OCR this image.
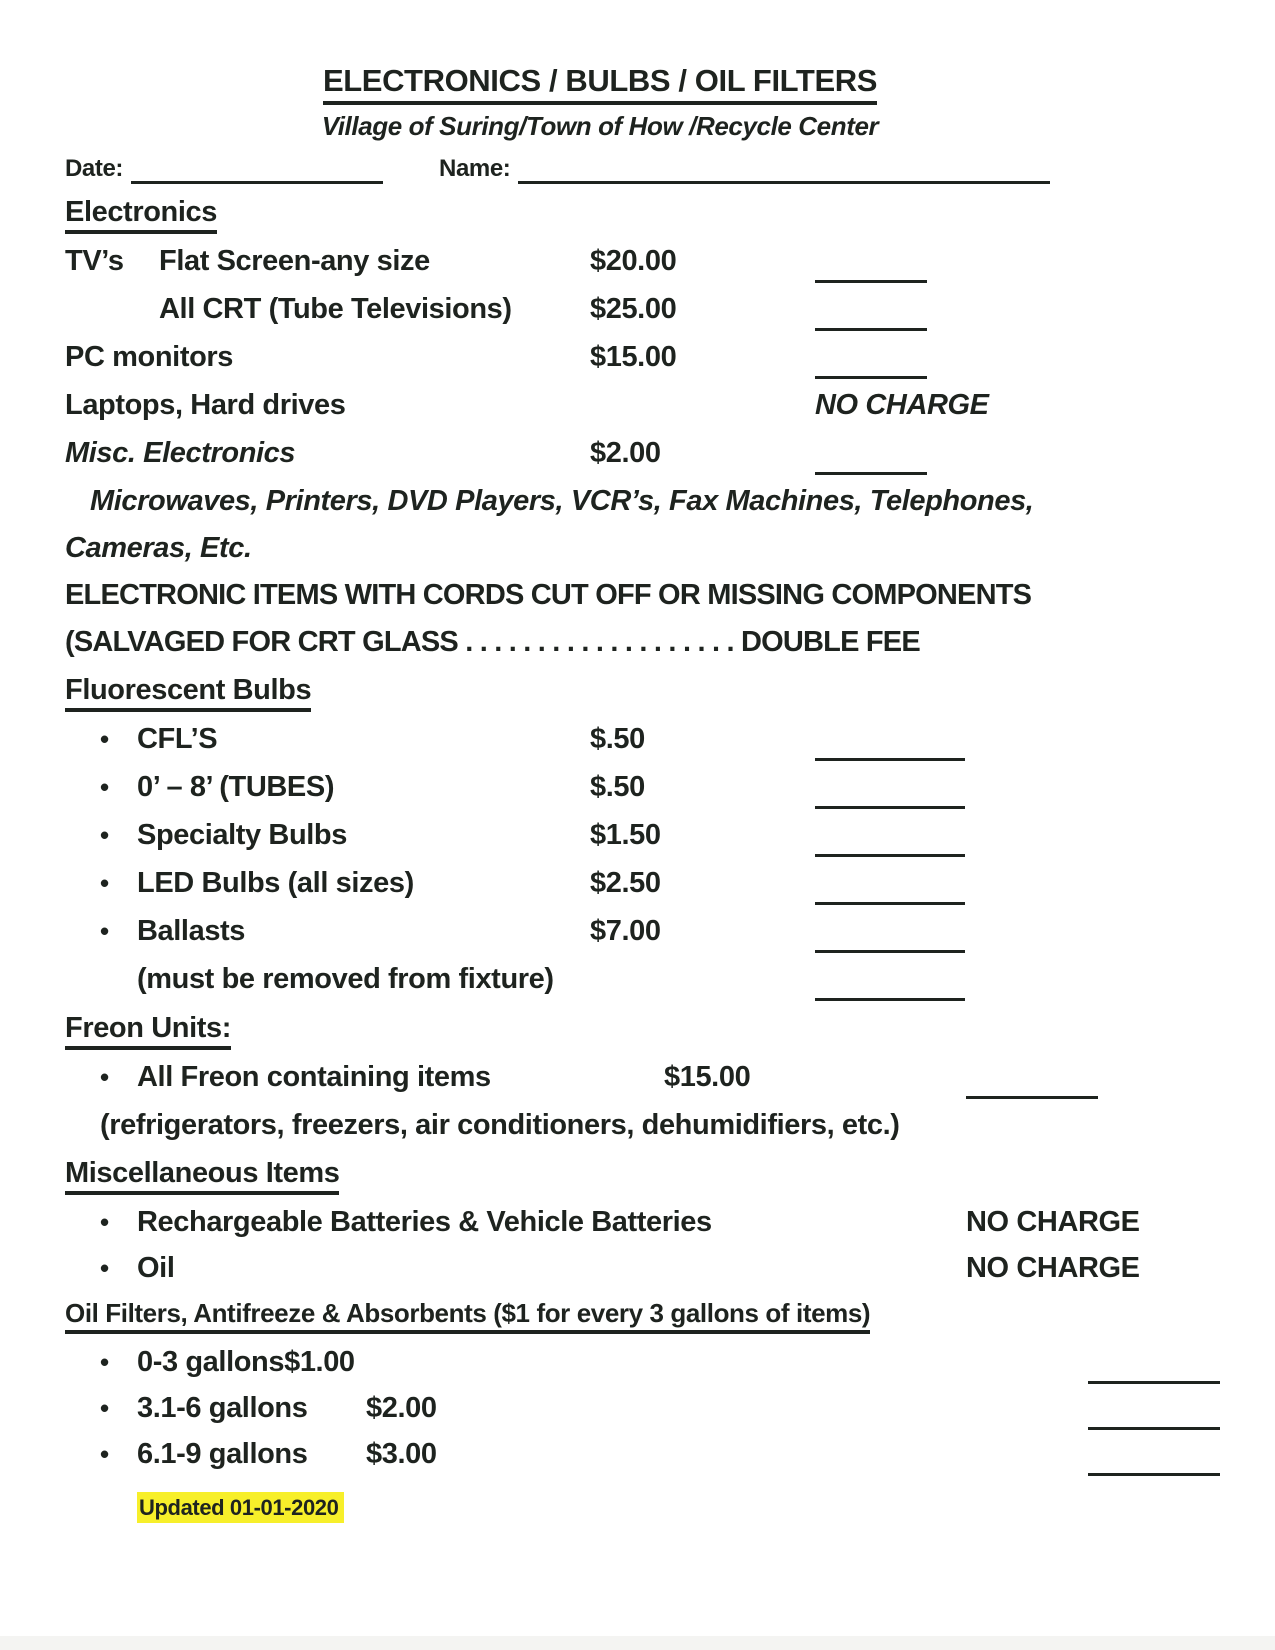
ELECTRONICS / BULBS / OIL FILTERS
Village of Suring/Town of How /Recycle Center
Date:	Name:
Electronics
TV’s	Flat Screen-any size	$20.00
All CRT (Tube Televisions)	$25.00
PC monitors	$15.00
Laptops, Hard drives	NO CHARGE
Misc. Electronics	$2.00
Microwaves, Printers, DVD Players, VCR’s, Fax Machines, Telephones,
Cameras, Etc.
ELECTRONIC ITEMS WITH CORDS CUT OFF OR MISSING COMPONENTS
(SALVAGED FOR CRT GLASS . . . . . . . . . . . . . . . . . . . DOUBLE FEE
Fluorescent Bulbs
• CFL’S	$.50
• 0’ – 8’ (TUBES)	$.50
• Specialty Bulbs	$1.50
• LED Bulbs (all sizes)	$2.50
• Ballasts	$7.00
(must be removed from fixture)
Freon Units:
• All Freon containing items	$15.00
(refrigerators, freezers, air conditioners, dehumidifiers, etc.)
Miscellaneous Items
• Rechargeable Batteries & Vehicle Batteries	NO CHARGE
• Oil	NO CHARGE
Oil Filters, Antifreeze & Absorbents ($1 for every 3 gallons of items)
• 0-3 gallons $1.00
• 3.1-6 gallons	$2.00
• 6.1-9 gallons	$3.00
Updated 01-01-2020
